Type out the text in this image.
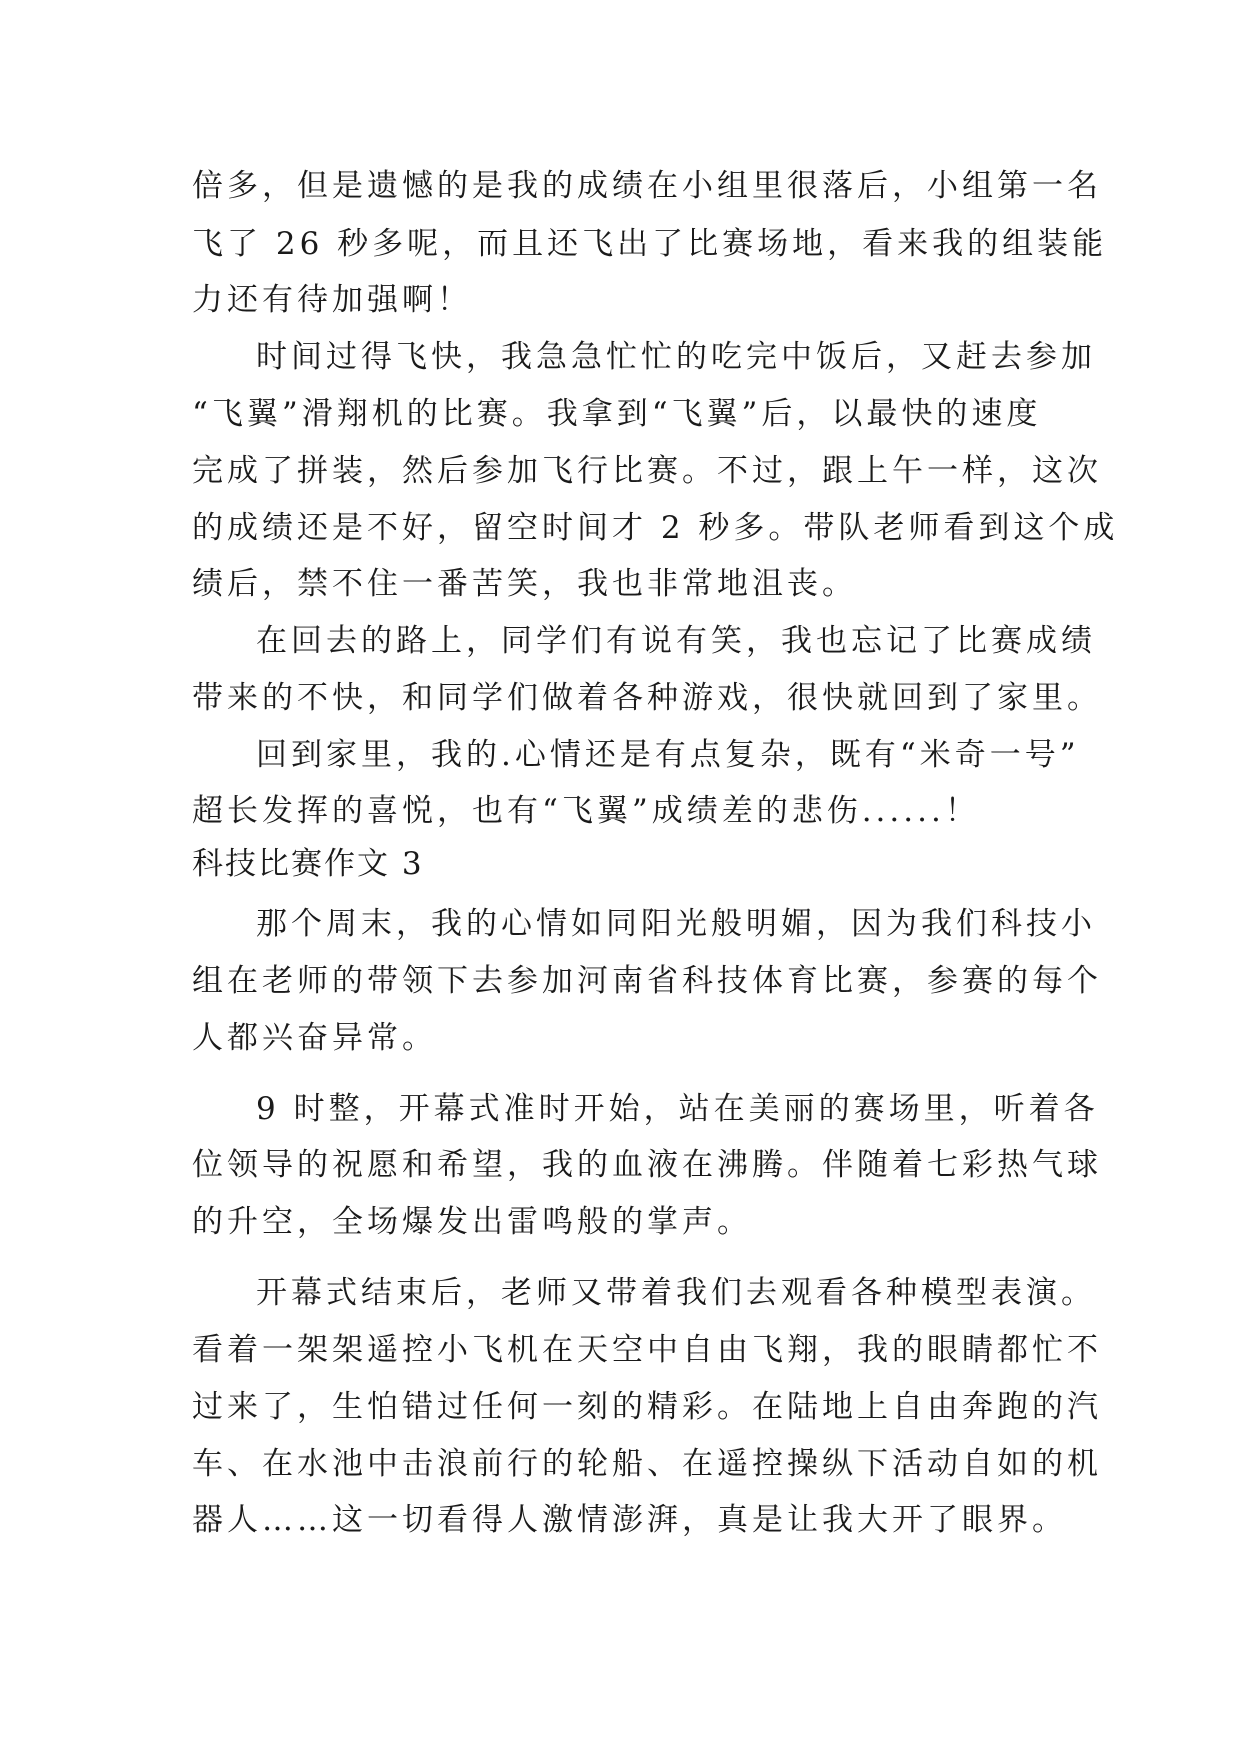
倍多，但是遗憾的是我的成绩在小组里很落后，小组第一名
飞了 26 秒多呢，而且还飞出了比赛场地，看来我的组装能
力还有待加强啊！
时间过得飞快，我急急忙忙的吃完中饭后，又赶去参加
“飞翼”滑翔机的比赛。我拿到“飞翼”后，以最快的速度
完成了拼装，然后参加飞行比赛。不过，跟上午一样，这次
的成绩还是不好，留空时间才 2 秒多。带队老师看到这个成
绩后，禁不住一番苦笑，我也非常地沮丧。
在回去的路上，同学们有说有笑，我也忘记了比赛成绩
带来的不快，和同学们做着各种游戏，很快就回到了家里。
回到家里，我的.心情还是有点复杂，既有“米奇一号”
超长发挥的喜悦，也有“飞翼”成绩差的悲伤......！
科技比赛作文 3
那个周末，我的心情如同阳光般明媚，因为我们科技小
组在老师的带领下去参加河南省科技体育比赛，参赛的每个
人都兴奋异常。
9 时整，开幕式准时开始，站在美丽的赛场里，听着各
位领导的祝愿和希望，我的血液在沸腾。伴随着七彩热气球
的升空，全场爆发出雷鸣般的掌声。
开幕式结束后，老师又带着我们去观看各种模型表演。
看着一架架遥控小飞机在天空中自由飞翔，我的眼睛都忙不
过来了，生怕错过任何一刻的精彩。在陆地上自由奔跑的汽
车、在水池中击浪前行的轮船、在遥控操纵下活动自如的机
器人……这一切看得人激情澎湃，真是让我大开了眼界。
